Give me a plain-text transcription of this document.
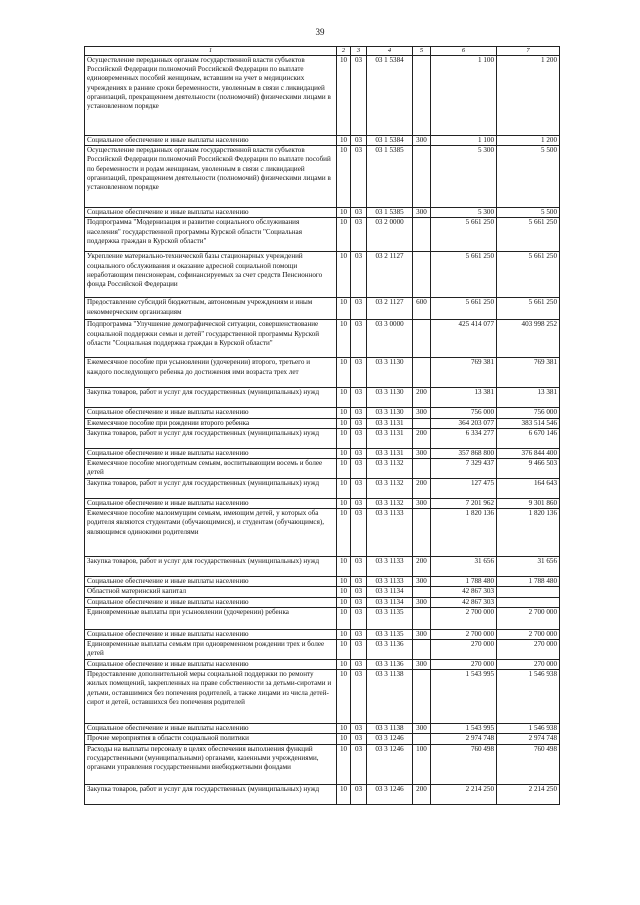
39
1	2	3	4	5	6	7
Осуществление переданных органам государственной власти субъектов Российской Федерации полномочий Российской Федерации по выплате единовременных пособий женщинам, вставшим на учет в медицинских учреждениях в ранние сроки беременности, уволенным в связи с ликвидацией организаций, прекращением деятельности (полномочий) физическими лицами в установленном порядке	10	03	03 1 5384		1 100	1 200
Социальное обеспечение и иные выплаты населению	10	03	03 1 5384	300	1 100	1 200
Осуществление переданных органам государственной власти субъектов Российской Федерации полномочий Российской Федерации по выплате пособий по беременности и родам женщинам, уволенным в связи с ликвидацией организаций, прекращением деятельности (полномочий) физическими лицами в установленном порядке	10	03	03 1 5385		5 300	5 500
Социальное обеспечение и иные выплаты населению	10	03	03 1 5385	300	5 300	5 500
Подпрограмма "Модернизация и развитие социального обслуживания населения" государственной программы Курской области "Социальная поддержка граждан в Курской области"	10	03	03 2 0000		5 661 250	5 661 250
Укрепление материально-технической базы стационарных учреждений социального обслуживания и оказание адресной социальной помощи неработающим пенсионерам, софинансируемых за счет средств Пенсионного фонда Российской Федерации	10	03	03 2 1127		5 661 250	5 661 250
Предоставление субсидий бюджетным, автономным учреждениям и иным некоммерческим организациям	10	03	03 2 1127	600	5 661 250	5 661 250
Подпрограмма "Улучшение демографической ситуации, совершенствование социальной поддержки семьи и детей" государственной программы Курской области "Социальная поддержка граждан в Курской области"	10	03	03 3 0000		425 414 077	403 998 252
Ежемесячное пособие при усыновлении (удочерении) второго, третьего и каждого последующего ребенка до достижения ими возраста трех лет	10	03	03 3 1130		769 381	769 381
Закупка товаров, работ и услуг для государственных (муниципальных) нужд	10	03	03 3 1130	200	13 381	13 381
Социальное обеспечение и иные выплаты населению	10	03	03 3 1130	300	756 000	756 000
Ежемесячное пособие при рождении второго ребенка	10	03	03 3 1131		364 203 077	383 514 546
Закупка товаров, работ и услуг для государственных (муниципальных) нужд	10	03	03 3 1131	200	6 334 277	6 670 146
Социальное обеспечение и иные выплаты населению	10	03	03 3 1131	300	357 868 800	376 844 400
Ежемесячное пособие многодетным семьям, воспитывающим восемь и более детей	10	03	03 3 1132		7 329 437	9 466 503
Закупка товаров, работ и услуг для государственных (муниципальных) нужд	10	03	03 3 1132	200	127 475	164 643
Социальное обеспечение и иные выплаты населению	10	03	03 3 1132	300	7 201 962	9 301 860
Ежемесячное пособие малоимущим семьям, имеющим детей, у которых оба родителя являются студентами (обучающимися), и студентам (обучающимся), являющимся одинокими родителями	10	03	03 3 1133		1 820 136	1 820 136
Закупка товаров, работ и услуг для государственных (муниципальных) нужд	10	03	03 3 1133	200	31 656	31 656
Социальное обеспечение и иные выплаты населению	10	03	03 3 1133	300	1 788 480	1 788 480
Областной материнский капитал	10	03	03 3 1134		42 867 303	
Социальное обеспечение и иные выплаты населению	10	03	03 3 1134	300	42 867 303	
Единовременные выплаты при усыновлении (удочерении) ребенка	10	03	03 3 1135		2 700 000	2 700 000
Социальное обеспечение и иные выплаты населению	10	03	03 3 1135	300	2 700 000	2 700 000
Единовременные выплаты семьям при одновременном рождении трех и более детей	10	03	03 3 1136		270 000	270 000
Социальное обеспечение и иные выплаты населению	10	03	03 3 1136	300	270 000	270 000
Предоставление дополнительной меры социальной поддержки по ремонту жилых помещений, закрепленных на праве собственности за детьми-сиротами и детьми, оставшимися без попечения родителей, а также лицами из числа детей-сирот и детей, оставшихся без попечения родителей	10	03	03 3 1138		1 543 995	1 546 938
Социальное обеспечение и иные выплаты населению	10	03	03 3 1138	300	1 543 995	1 546 938
Прочие мероприятия в области социальной политики	10	03	03 3 1246		2 974 748	2 974 748
Расходы на выплаты персоналу в целях обеспечения выполнения функций государственными (муниципальными) органами, казенными учреждениями, органами управления государственными внебюджетными фондами	10	03	03 3 1246	100	760 498	760 498
Закупка товаров, работ и услуг для государственных (муниципальных) нужд	10	03	03 3 1246	200	2 214 250	2 214 250
